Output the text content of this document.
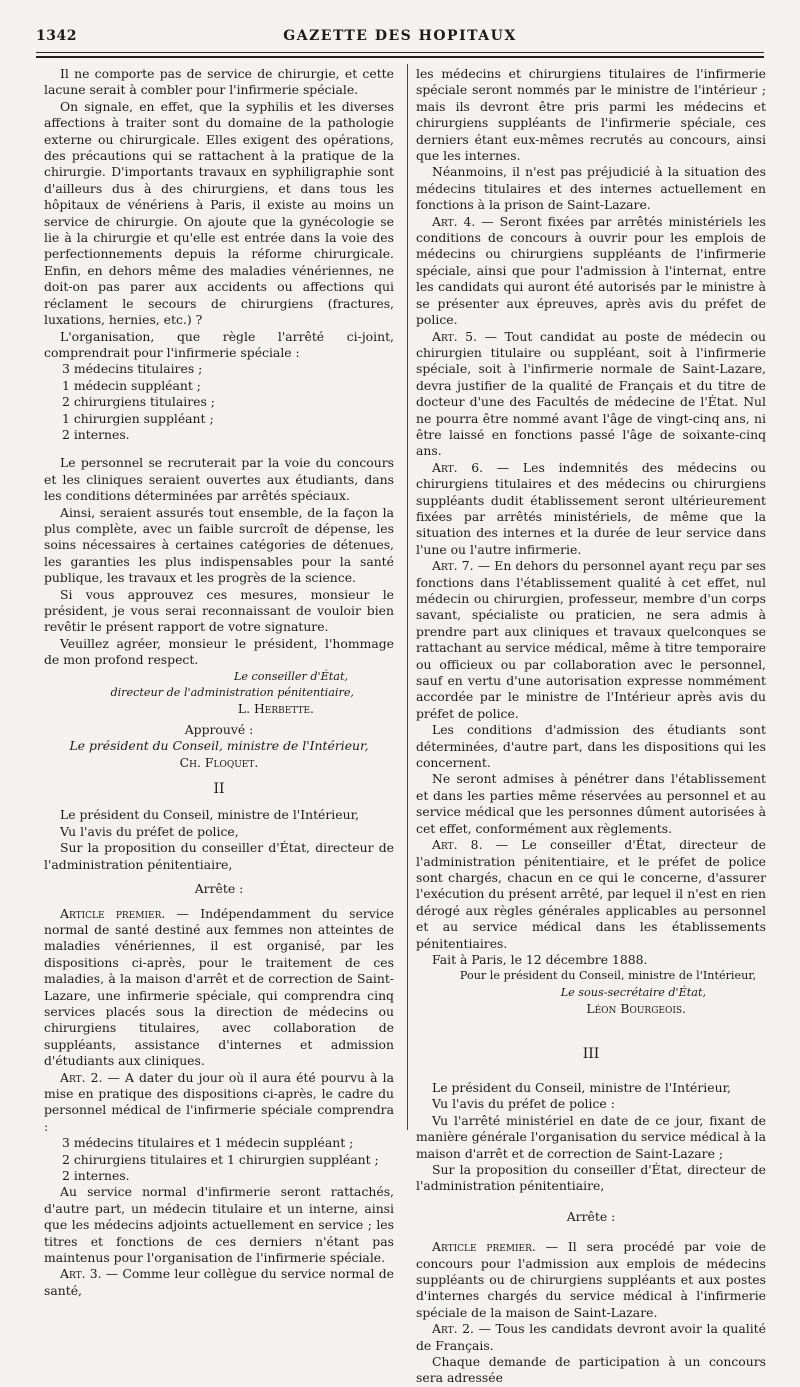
1342	GAZETTE DES HOPITAUX

Il ne comporte pas de service de chirurgie, et cette lacune serait à combler pour l'infirmerie spéciale.

On signale, en effet, que la syphilis et les diverses affections à traiter sont du domaine de la pathologie externe ou chirurgicale. Elles exigent des opérations, des précautions qui se rattachent à la pratique de la chirurgie. D'importants travaux en syphiligraphie sont d'ailleurs dus à des chirurgiens, et dans tous les hôpitaux de vénériens à Paris, il existe au moins un service de chirurgie. On ajoute que la gynécologie se lie à la chirurgie et qu'elle est entrée dans la voie des perfectionnements depuis la réforme chirurgicale. Enfin, en dehors même des maladies vénériennes, ne doit-on pas parer aux accidents ou affections qui réclament le secours de chirurgiens (fractures, luxations, hernies, etc.) ?

L'organisation, que règle l'arrêté ci-joint, comprendrait pour l'infirmerie spéciale :

3 médecins titulaires ;

1 médecin suppléant ;

2 chirurgiens titulaires ;

1 chirurgien suppléant ;

2 internes.

Le personnel se recruterait par la voie du concours et les cliniques seraient ouvertes aux étudiants, dans les conditions déterminées par arrêtés spéciaux.

Ainsi, seraient assurés tout ensemble, de la façon la plus complète, avec un faible surcroît de dépense, les soins nécessaires à certaines catégories de détenues, les garanties les plus indispensables pour la santé publique, les travaux et les progrès de la science.

Si vous approuvez ces mesures, monsieur le président, je vous serai reconnaissant de vouloir bien revêtir le présent rapport de votre signature.

Veuillez agréer, monsieur le président, l'hommage de mon profond respect.

Le conseiller d'État,

directeur de l'administration pénitentiaire,

L. Herbette.

Approuvé :

Le président du Conseil, ministre de l'Intérieur,

Ch. Floquet.

II

Le président du Conseil, ministre de l'Intérieur,

Vu l'avis du préfet de police,

Sur la proposition du conseiller d'État, directeur de l'administration pénitentiaire,

Arrête :

Article premier. — Indépendamment du service normal de santé destiné aux femmes non atteintes de maladies vénériennes, il est organisé, par les dispositions ci-après, pour le traitement de ces maladies, à la maison d'arrêt et de correction de Saint-Lazare, une infirmerie spéciale, qui comprendra cinq services placés sous la direction de médecins ou chirurgiens titulaires, avec collaboration de suppléants, assistance d'internes et admission d'étudiants aux cliniques.

Art. 2. — A dater du jour où il aura été pourvu à la mise en pratique des dispositions ci-après, le cadre du personnel médical de l'infirmerie spéciale comprendra :

3 médecins titulaires et 1 médecin suppléant ;

2 chirurgiens titulaires et 1 chirurgien suppléant ;

2 internes.

Au service normal d'infirmerie seront rattachés, d'autre part, un médecin titulaire et un interne, ainsi que les médecins adjoints actuellement en service ; les titres et fonctions de ces derniers n'étant pas maintenus pour l'organisation de l'infirmerie spéciale.

Art. 3. — Comme leur collègue du service normal de santé,

les médecins et chirurgiens titulaires de l'infirmerie spéciale seront nommés par le ministre de l'intérieur ; mais ils devront être pris parmi les médecins et chirurgiens suppléants de l'infirmerie spéciale, ces derniers étant eux-mêmes recrutés au concours, ainsi que les internes.

Néanmoins, il n'est pas préjudicié à la situation des médecins titulaires et des internes actuellement en fonctions à la prison de Saint-Lazare.

Art. 4. — Seront fixées par arrêtés ministériels les conditions de concours à ouvrir pour les emplois de médecins ou chirurgiens suppléants de l'infirmerie spéciale, ainsi que pour l'admission à l'internat, entre les candidats qui auront été autorisés par le ministre à se présenter aux épreuves, après avis du préfet de police.

Art. 5. — Tout candidat au poste de médecin ou chirurgien titulaire ou suppléant, soit à l'infirmerie spéciale, soit à l'infirmerie normale de Saint-Lazare, devra justifier de la qualité de Français et du titre de docteur d'une des Facultés de médecine de l'État. Nul ne pourra être nommé avant l'âge de vingt-cinq ans, ni être laissé en fonctions passé l'âge de soixante-cinq ans.

Art. 6. — Les indemnités des médecins ou chirurgiens titulaires et des médecins ou chirurgiens suppléants dudit établissement seront ultérieurement fixées par arrêtés ministériels, de même que la situation des internes et la durée de leur service dans l'une ou l'autre infirmerie.

Art. 7. — En dehors du personnel ayant reçu par ses fonctions dans l'établissement qualité à cet effet, nul médecin ou chirurgien, professeur, membre d'un corps savant, spécialiste ou praticien, ne sera admis à prendre part aux cliniques et travaux quelconques se rattachant au service médical, même à titre temporaire ou officieux ou par collaboration avec le personnel, sauf en vertu d'une autorisation expresse nommément accordée par le ministre de l'Intérieur après avis du préfet de police.

Les conditions d'admission des étudiants sont déterminées, d'autre part, dans les dispositions qui les concernent.

Ne seront admises à pénétrer dans l'établissement et dans les parties même réservées au personnel et au service médical que les personnes dûment autorisées à cet effet, conformément aux règlements.

Art. 8. — Le conseiller d'État, directeur de l'administration pénitentiaire, et le préfet de police sont chargés, chacun en ce qui le concerne, d'assurer l'exécution du présent arrêté, par lequel il n'est en rien dérogé aux règles générales applicables au personnel et au service médical dans les établissements pénitentiaires.

Fait à Paris, le 12 décembre 1888.

Pour le président du Conseil, ministre de l'Intérieur,

Le sous-secrétaire d'État,

Léon Bourgeois.

III

Le président du Conseil, ministre de l'Intérieur,

Vu l'avis du préfet de police :

Vu l'arrêté ministériel en date de ce jour, fixant de manière générale l'organisation du service médical à la maison d'arrêt et de correction de Saint-Lazare ;

Sur la proposition du conseiller d'État, directeur de l'administration pénitentiaire,

Arrête :

Article premier. — Il sera procédé par voie de concours pour l'admission aux emplois de médecins suppléants ou de chirurgiens suppléants et aux postes d'internes chargés du service médical à l'infirmerie spéciale de la maison de Saint-Lazare.

Art. 2. — Tous les candidats devront avoir la qualité de Français.

Chaque demande de participation à un concours sera adressée
